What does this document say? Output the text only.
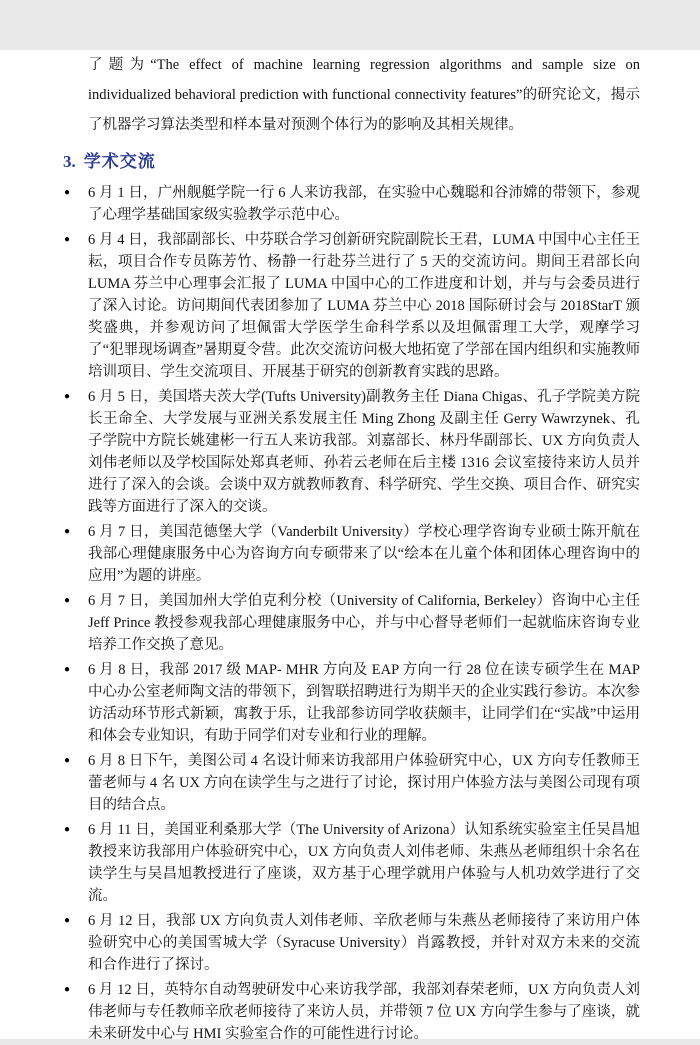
了题为“The effect of machine learning regression algorithms and sample size on individualized behavioral prediction with functional connectivity features”的研究论文，揭示了机器学习算法类型和样本量对预测个体行为的影响及其相关规律。

3. 学术交流
● 6 月 1 日，广州舰艇学院一行 6 人来访我部，在实验中心魏聪和谷沛嫦的带领下，参观了心理学基础国家级实验教学示范中心。
● 6 月 4 日，我部副部长、中芬联合学习创新研究院副院长王君，LUMA 中国中心主任王耘，项目合作专员陈芳竹、杨静一行赴芬兰进行了 5 天的交流访问。期间王君部长向 LUMA 芬兰中心理事会汇报了 LUMA 中国中心的工作进度和计划，并与与会委员进行了深入讨论。访问期间代表团参加了 LUMA 芬兰中心 2018 国际研讨会与 2018StarT 颁奖盛典，并参观访问了坦佩雷大学医学生命科学系以及坦佩雷理工大学，观摩学习了“犯罪现场调查”暑期夏令营。此次交流访问极大地拓宽了学部在国内组织和实施教师培训项目、学生交流项目、开展基于研究的创新教育实践的思路。
● 6 月 5 日，美国塔夫茨大学(Tufts University)副教务主任 Diana Chigas、孔子学院美方院长王命全、大学发展与亚洲关系发展主任 Ming Zhong 及副主任 Gerry Wawrzynek、孔子学院中方院长姚建彬一行五人来访我部。刘嘉部长、林丹华副部长、UX 方向负责人刘伟老师以及学校国际处郑真老师、孙若云老师在后主楼 1316 会议室接待来访人员并进行了深入的会谈。会谈中双方就教师教育、科学研究、学生交换、项目合作、研究实践等方面进行了深入的交谈。
● 6 月 7 日，美国范德堡大学（Vanderbilt University）学校心理学咨询专业硕士陈开航在我部心理健康服务中心为咨询方向专硕带来了以“绘本在儿童个体和团体心理咨询中的应用”为题的讲座。
● 6 月 7 日，美国加州大学伯克利分校（University of California, Berkeley）咨询中心主任 Jeff Prince 教授参观我部心理健康服务中心，并与中心督导老师们一起就临床咨询专业培养工作交换了意见。
● 6 月 8 日，我部 2017 级 MAP- MHR 方向及 EAP 方向一行 28 位在读专硕学生在 MAP 中心办公室老师陶文洁的带领下，到智联招聘进行为期半天的企业实践行参访。本次参访活动环节形式新颖，寓教于乐，让我部参访同学收获颇丰，让同学们在“实战”中运用和体会专业知识，有助于同学们对专业和行业的理解。
● 6 月 8 日下午，美图公司 4 名设计师来访我部用户体验研究中心，UX 方向专任教师王蕾老师与 4 名 UX 方向在读学生与之进行了讨论，探讨用户体验方法与美图公司现有项目的结合点。
● 6 月 11 日，美国亚利桑那大学（The University of Arizona）认知系统实验室主任吴昌旭教授来访我部用户体验研究中心，UX 方向负责人刘伟老师、朱燕丛老师组织十余名在读学生与吴昌旭教授进行了座谈，双方基于心理学就用户体验与人机功效学进行了交流。
● 6 月 12 日，我部 UX 方向负责人刘伟老师、辛欣老师与朱燕丛老师接待了来访用户体验研究中心的美国雪城大学（Syracuse University）肖露教授，并针对双方未来的交流和合作进行了探讨。
● 6 月 12 日，英特尔自动驾驶研发中心来访我学部，我部刘春荣老师，UX 方向负责人刘伟老师与专任教师辛欣老师接待了来访人员，并带领 7 位 UX 方向学生参与了座谈，就未来研发中心与 HMI 实验室合作的可能性进行讨论。
